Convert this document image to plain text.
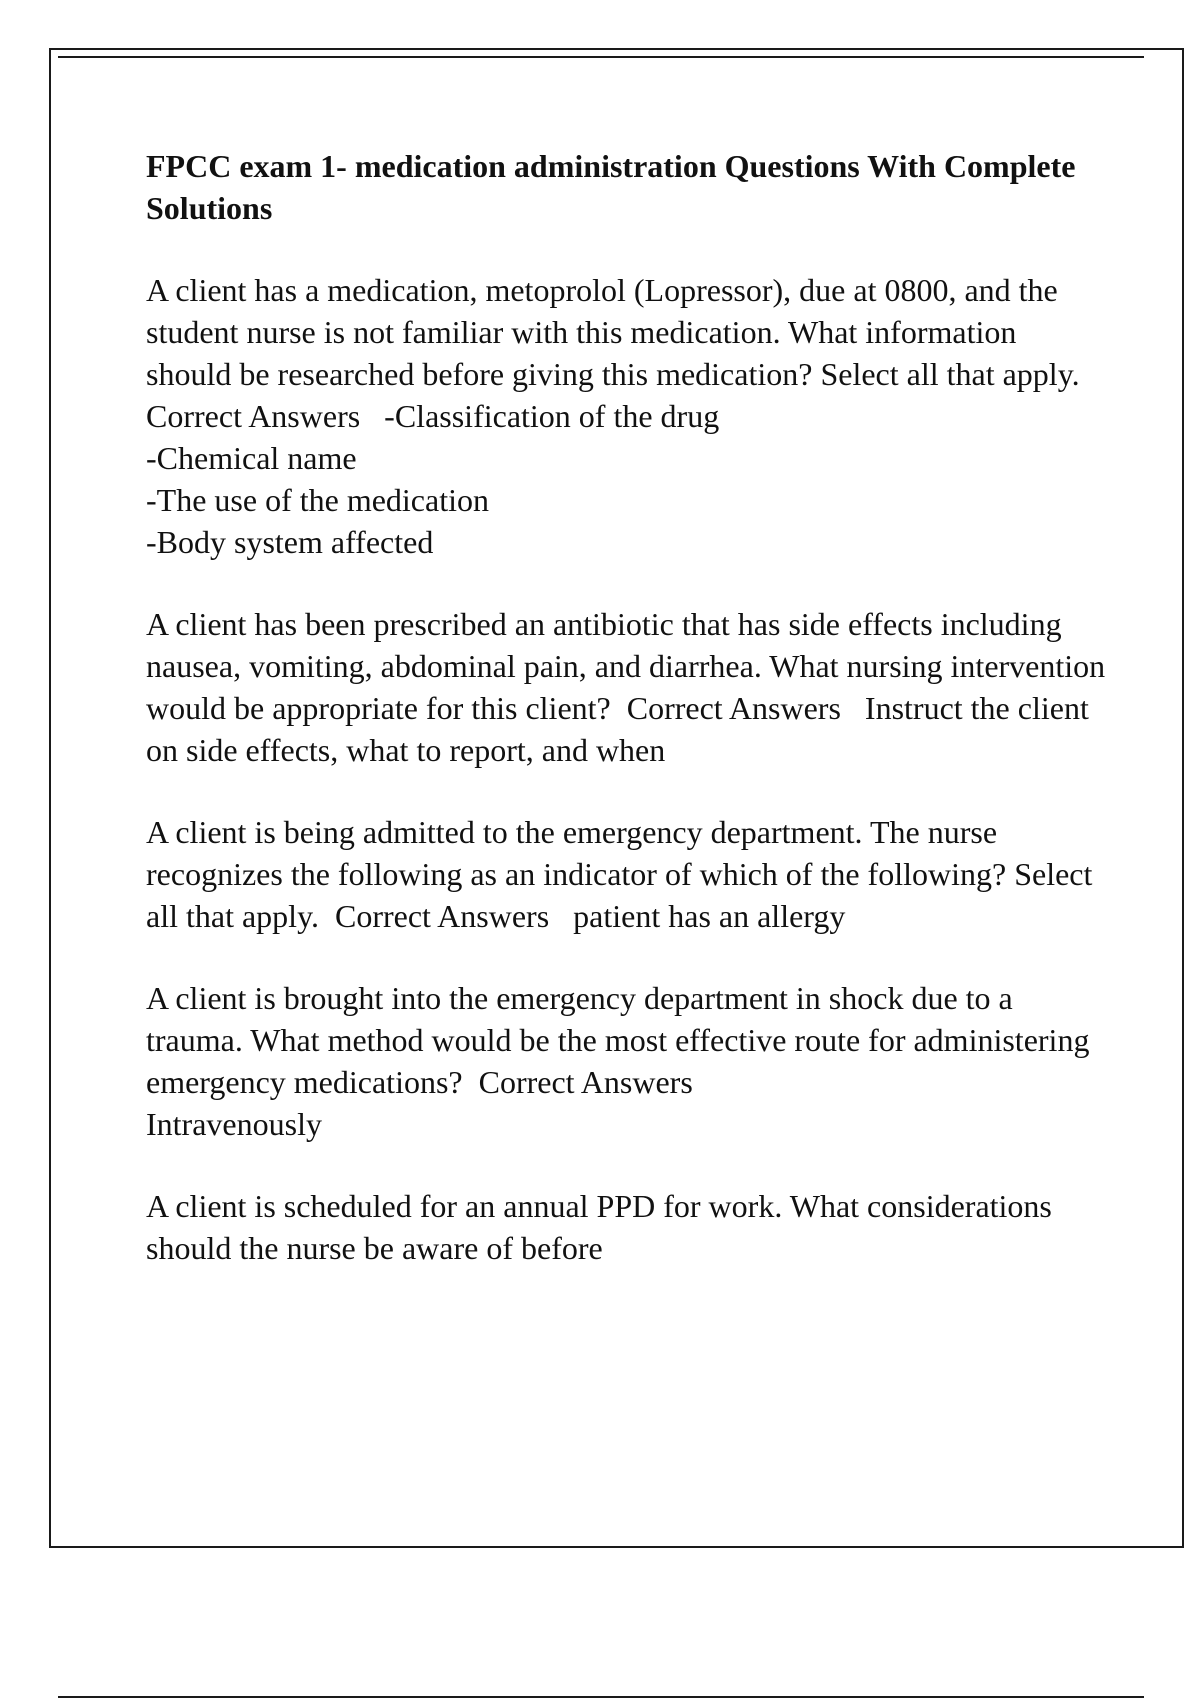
FPCC exam 1- medication administration Questions With Complete Solutions
A client has a medication, metoprolol (Lopressor), due at 0800, and the student nurse is not familiar with this medication. What information should be researched before giving this medication? Select all that apply.  Correct Answers -Classification of the drug

-Chemical name
-The use of the medication
-Body system affected
A client has been prescribed an antibiotic that has side effects including nausea, vomiting, abdominal pain, and diarrhea. What nursing intervention would be appropriate for this client? Correct Answers Instruct the client on side effects, what to report, and when
A client is being admitted to the emergency department. The nurse recognizes the following as an indicator of which of the following? Select all that apply. Correct Answers patient has an allergy
A client is brought into the emergency department in shock due to a trauma. What method would be the most effective route for administering emergency medications? Correct Answers
Intravenously
A client is scheduled for an annual PPD for work. What considerations should the nurse be aware of before
